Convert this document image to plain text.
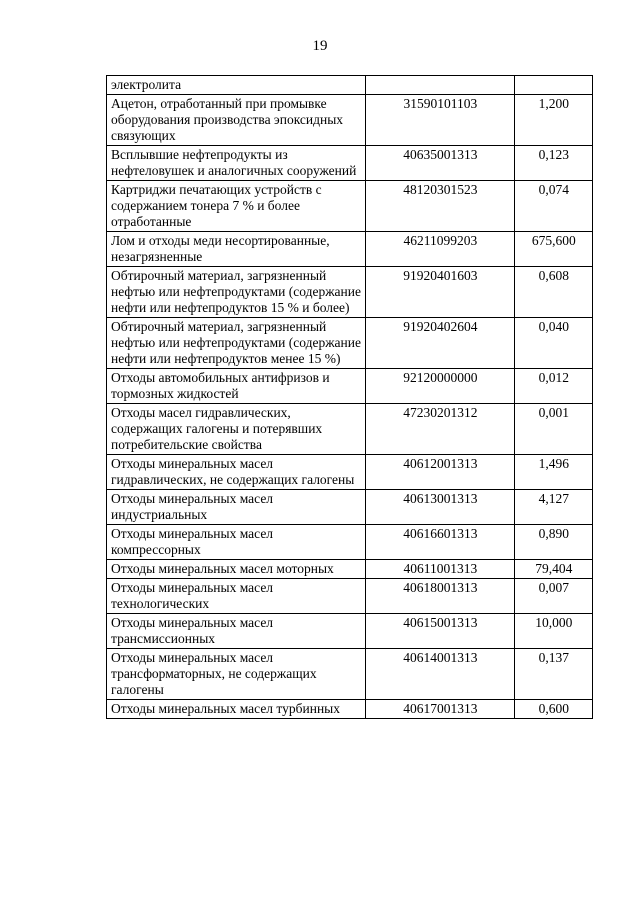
19
электролита		
Ацетон, отработанный при промывке оборудования производства эпоксидных связующих	31590101103	1,200
Всплывшие нефтепродукты из нефтеловушек и аналогичных сооружений	40635001313	0,123
Картриджи печатающих устройств с содержанием тонера 7 % и более отработанные	48120301523	0,074
Лом и отходы меди несортированные, незагрязненные	46211099203	675,600
Обтирочный материал, загрязненный нефтью или нефтепродуктами (содержание нефти или нефтепродуктов 15 % и более)	91920401603	0,608
Обтирочный материал, загрязненный нефтью или нефтепродуктами (содержание нефти или нефтепродуктов менее 15 %)	91920402604	0,040
Отходы автомобильных антифризов и тормозных жидкостей	92120000000	0,012
Отходы масел гидравлических, содержащих галогены и потерявших потребительские свойства	47230201312	0,001
Отходы минеральных масел гидравлических, не содержащих галогены	40612001313	1,496
Отходы минеральных масел индустриальных	40613001313	4,127
Отходы минеральных масел компрессорных	40616601313	0,890
Отходы минеральных масел моторных	40611001313	79,404
Отходы минеральных масел технологических	40618001313	0,007
Отходы минеральных масел трансмиссионных	40615001313	10,000
Отходы минеральных масел трансформаторных, не содержащих галогены	40614001313	0,137
Отходы минеральных масел турбинных	40617001313	0,600
